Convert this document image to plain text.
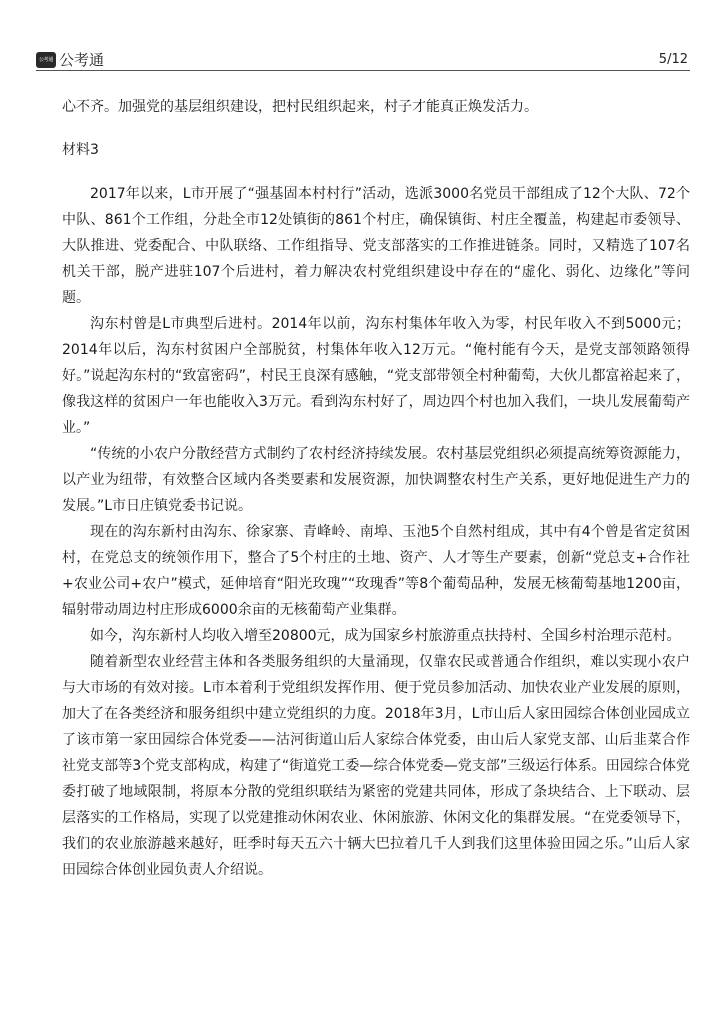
公考通 公考通	5/12

心不齐。加强党的基层组织建设，把村民组织起来，村子才能真正焕发活力。

材料3

2017年以来，L市开展了“强基固本村村行”活动，选派3000名党员干部组成了12个大队、72个中队、861个工作组，分赴全市12处镇街的861个村庄，确保镇街、村庄全覆盖，构建起市委领导、大队推进、党委配合、中队联络、工作组指导、党支部落实的工作推进链条。同时，又精选了107名机关干部，脱产进驻107个后进村，着力解决农村党组织建设中存在的“虚化、弱化、边缘化”等问题。

沟东村曾是L市典型后进村。2014年以前，沟东村集体年收入为零，村民年收入不到5000元；2014年以后，沟东村贫困户全部脱贫，村集体年收入12万元。“俺村能有今天，是党支部领路领得好。”说起沟东村的“致富密码”，村民王良深有感触，“党支部带领全村种葡萄，大伙儿都富裕起来了，像我这样的贫困户一年也能收入3万元。看到沟东村好了，周边四个村也加入我们，一块儿发展葡萄产业。”

“传统的小农户分散经营方式制约了农村经济持续发展。农村基层党组织必须提高统筹资源能力，以产业为纽带，有效整合区域内各类要素和发展资源，加快调整农村生产关系，更好地促进生产力的发展。”L市日庄镇党委书记说。

现在的沟东新村由沟东、徐家寨、青峰岭、南埠、玉池5个自然村组成，其中有4个曾是省定贫困村，在党总支的统领作用下，整合了5个村庄的土地、资产、人才等生产要素，创新“党总支+合作社+农业公司+农户”模式，延伸培育“阳光玫瑰”“玫瑰香”等8个葡萄品种，发展无核葡萄基地1200亩，辐射带动周边村庄形成6000余亩的无核葡萄产业集群。

如今，沟东新村人均收入增至20800元，成为国家乡村旅游重点扶持村、全国乡村治理示范村。

随着新型农业经营主体和各类服务组织的大量涌现，仅靠农民或普通合作组织，难以实现小农户与大市场的有效对接。L市本着利于党组织发挥作用、便于党员参加活动、加快农业产业发展的原则，加大了在各类经济和服务组织中建立党组织的力度。2018年3月，L市山后人家田园综合体创业园成立了该市第一家田园综合体党委——沽河街道山后人家综合体党委，由山后人家党支部、山后韭菜合作社党支部等3个党支部构成，构建了“街道党工委—综合体党委—党支部”三级运行体系。田园综合体党委打破了地域限制，将原本分散的党组织联结为紧密的党建共同体，形成了条块结合、上下联动、层层落实的工作格局，实现了以党建推动休闲农业、休闲旅游、休闲文化的集群发展。“在党委领导下，我们的农业旅游越来越好，旺季时每天五六十辆大巴拉着几千人到我们这里体验田园之乐。”山后人家田园综合体创业园负责人介绍说。
